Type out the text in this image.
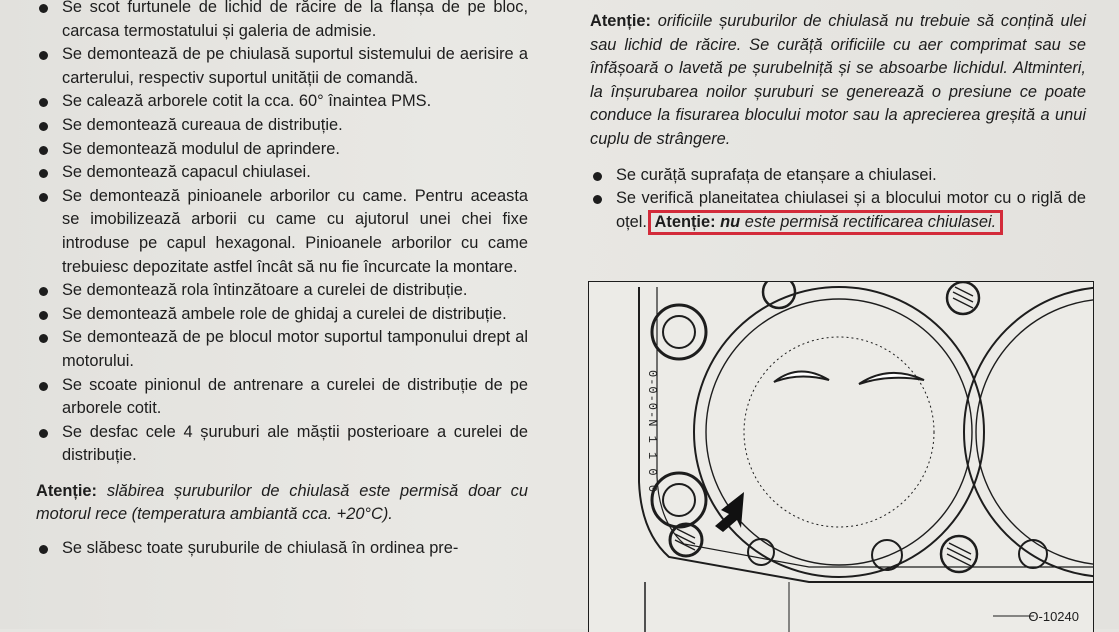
Se scot furtunele de lichid de răcire de la flanșa de pe bloc, carcasa termostatului și galeria de admisie.
Se demontează de pe chiulasă suportul sistemului de aerisire a carterului, respectiv suportul unității de comandă.
Se calează arborele cotit la cca. 60° înaintea PMS.
Se demontează cureaua de distribuție.
Se demontează modulul de aprindere.
Se demontează capacul chiulasei.
Se demontează pinioanele arborilor cu came. Pentru aceasta se imobilizează arborii cu came cu ajutorul unei chei fixe introduse pe capul hexagonal. Pinioanele arborilor cu came trebuiesc depozitate astfel încât să nu fie încurcate la montare.
Se demontează rola întinzătoare a curelei de distribuție.
Se demontează ambele role de ghidaj a curelei de distribuție.
Se demontează de pe blocul motor suportul tamponului drept al motorului.
Se scoate pinionul de antrenare a curelei de distribuție de pe arborele cotit.
Se desfac cele 4 șuruburi ale măștii posterioare a curelei de distribuție.

Atenție: slăbirea șuruburilor de chiulasă este permisă doar cu motorul rece (temperatura ambiantă cca. +20°C).

Se slăbesc toate șuruburile de chiulasă în ordinea pre-

Atenție: orificiile șuruburilor de chiulasă nu trebuie să conțină ulei sau lichid de răcire. Se curăță orificiile cu aer comprimat sau se înfășoară o lavetă pe șurubelniță și se absoarbe lichidul. Altminteri, la înșurubarea noilor șuruburi se generează o presiune ce poate conduce la fisurarea blocului motor sau la aprecierea greșită a unui cuplu de strângere.

Se curăță suprafața de etanșare a chiulasei.
Se verifică planeitatea chiulasei și a blocului motor cu o riglă de oțel. Atenție: nu este permisă rectificarea chiulasei.
0-0-0-N 1 1 0 0
O-10240
